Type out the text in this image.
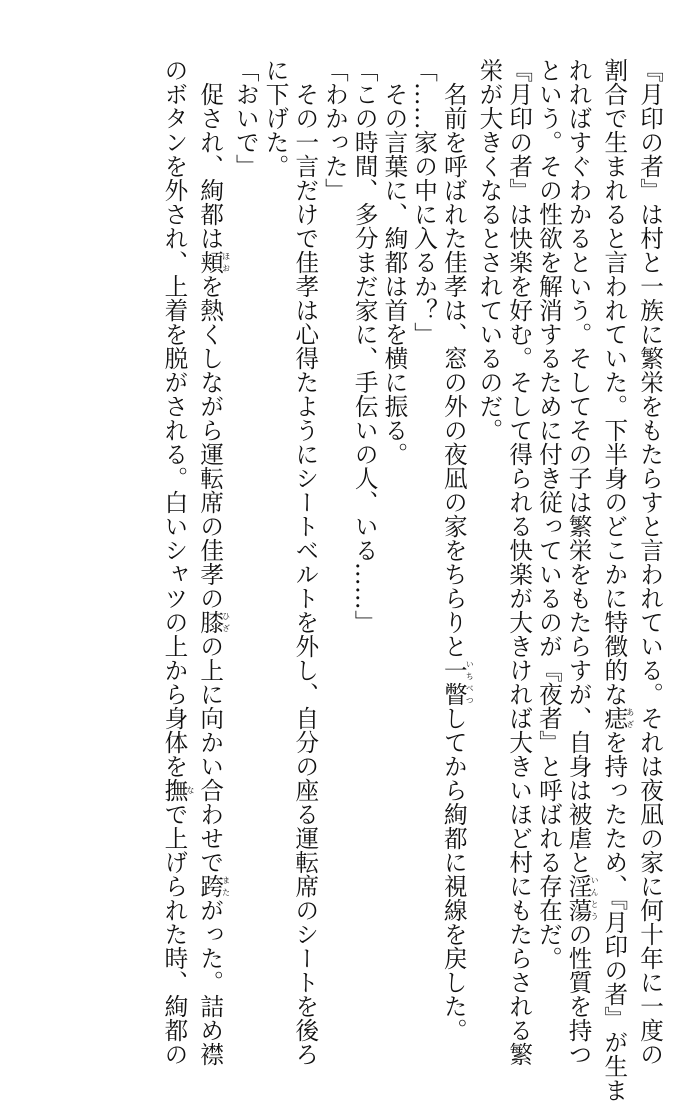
『月印の者』は村と一族に繁栄をもたらすと言われている。それは夜凪の家に何十年に一度の
割合で生まれると言われていた。下半身のどこかに特徴的な痣あざを持ったため、『月印の者』が生ま
れればすぐわかるという。そしてその子は繁栄をもたらすが、自身は被虐と淫蕩いんとうの性質を持つ
という。その性欲を解消するために付き従っているのが『夜者』と呼ばれる存在だ。
『月印の者』は快楽を好む。そして得られる快楽が大きければ大きいほど村にもたらされる繁
栄が大きくなるとされているのだ。
　名前を呼ばれた佳孝は、窓の外の夜凪の家をちらりと一瞥いちべつしてから絢都に視線を戻した。
「……家の中に入るか？」
　その言葉に、絢都は首を横に振る。
「この時間、多分まだ家に、手伝いの人、いる……」
「わかった」
　その一言だけで佳孝は心得たようにシートベルトを外し、自分の座る運転席のシートを後ろ
に下げた。
「おいで」
　促され、絢都は頬ほおを熱くしながら運転席の佳孝の膝ひざの上に向かい合わせで跨またがった。詰め襟
のボタンを外され、上着を脱がされる。白いシャツの上から身体を撫なで上げられた時、絢都の
